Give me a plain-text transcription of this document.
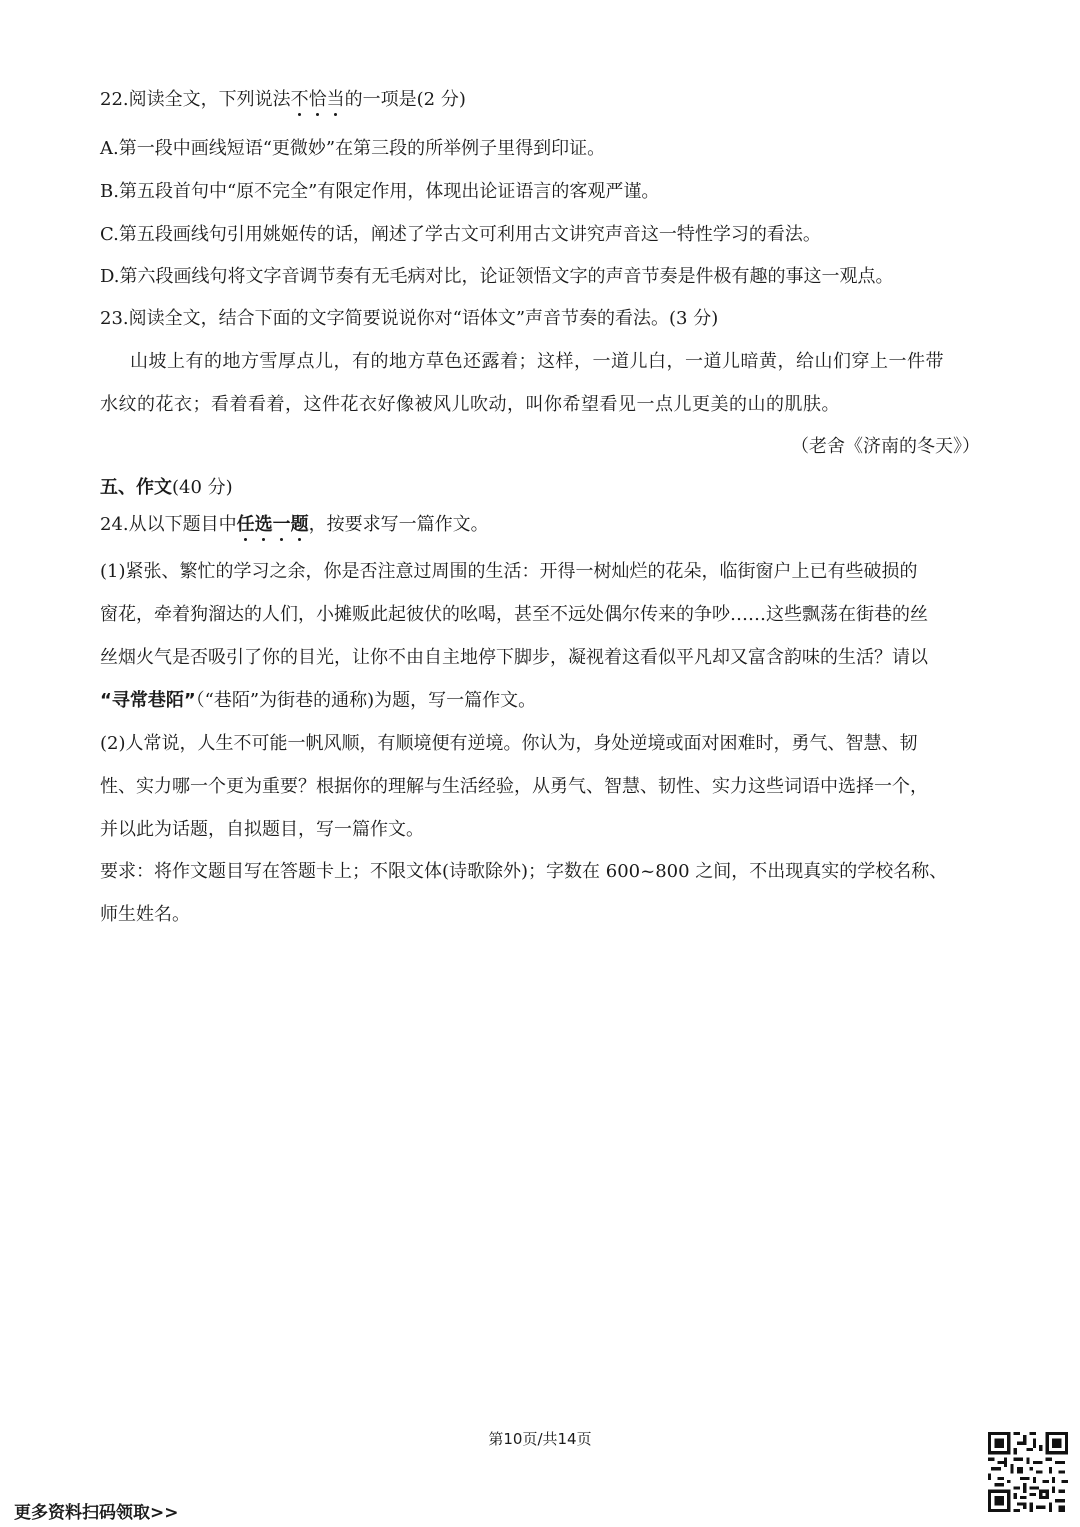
22.阅读全文，下列说法不恰当的一项是(2 分)
A.第一段中画线短语“更微妙”在第三段的所举例子里得到印证。
B.第五段首句中“原不完全”有限定作用，体现出论证语言的客观严谨。
C.第五段画线句引用姚姬传的话，阐述了学古文可利用古文讲究声音这一特性学习的看法。
D.第六段画线句将文字音调节奏有无毛病对比，论证领悟文字的声音节奏是件极有趣的事这一观点。
23.阅读全文，结合下面的文字简要说说你对“语体文”声音节奏的看法。(3 分)
山坡上有的地方雪厚点儿，有的地方草色还露着；这样，一道儿白，一道儿暗黄，给山们穿上一件带
水纹的花衣；看着看着，这件花衣好像被风儿吹动，叫你希望看见一点儿更美的山的肌肤。
（老舍《济南的冬天》）
五、作文(40 分)
24.从以下题目中任选一题，按要求写一篇作文。
(1)紧张、繁忙的学习之余，你是否注意过周围的生活：开得一树灿烂的花朵，临街窗户上已有些破损的
窗花，牵着狗溜达的人们，小摊贩此起彼伏的吆喝，甚至不远处偶尔传来的争吵……这些飘荡在街巷的丝
丝烟火气是否吸引了你的目光，让你不由自主地停下脚步，凝视着这看似平凡却又富含韵味的生活？请以
“寻常巷陌”（“巷陌”为街巷的通称)为题，写一篇作文。
(2)人常说，人生不可能一帆风顺，有顺境便有逆境。你认为，身处逆境或面对困难时，勇气、智慧、韧
性、实力哪一个更为重要？根据你的理解与生活经验，从勇气、智慧、韧性、实力这些词语中选择一个，
并以此为话题，自拟题目，写一篇作文。
要求：将作文题目写在答题卡上；不限文体(诗歌除外)；字数在 600~800 之间，不出现真实的学校名称、
师生姓名。
第10页/共14页
更多资料扫码领取>>
